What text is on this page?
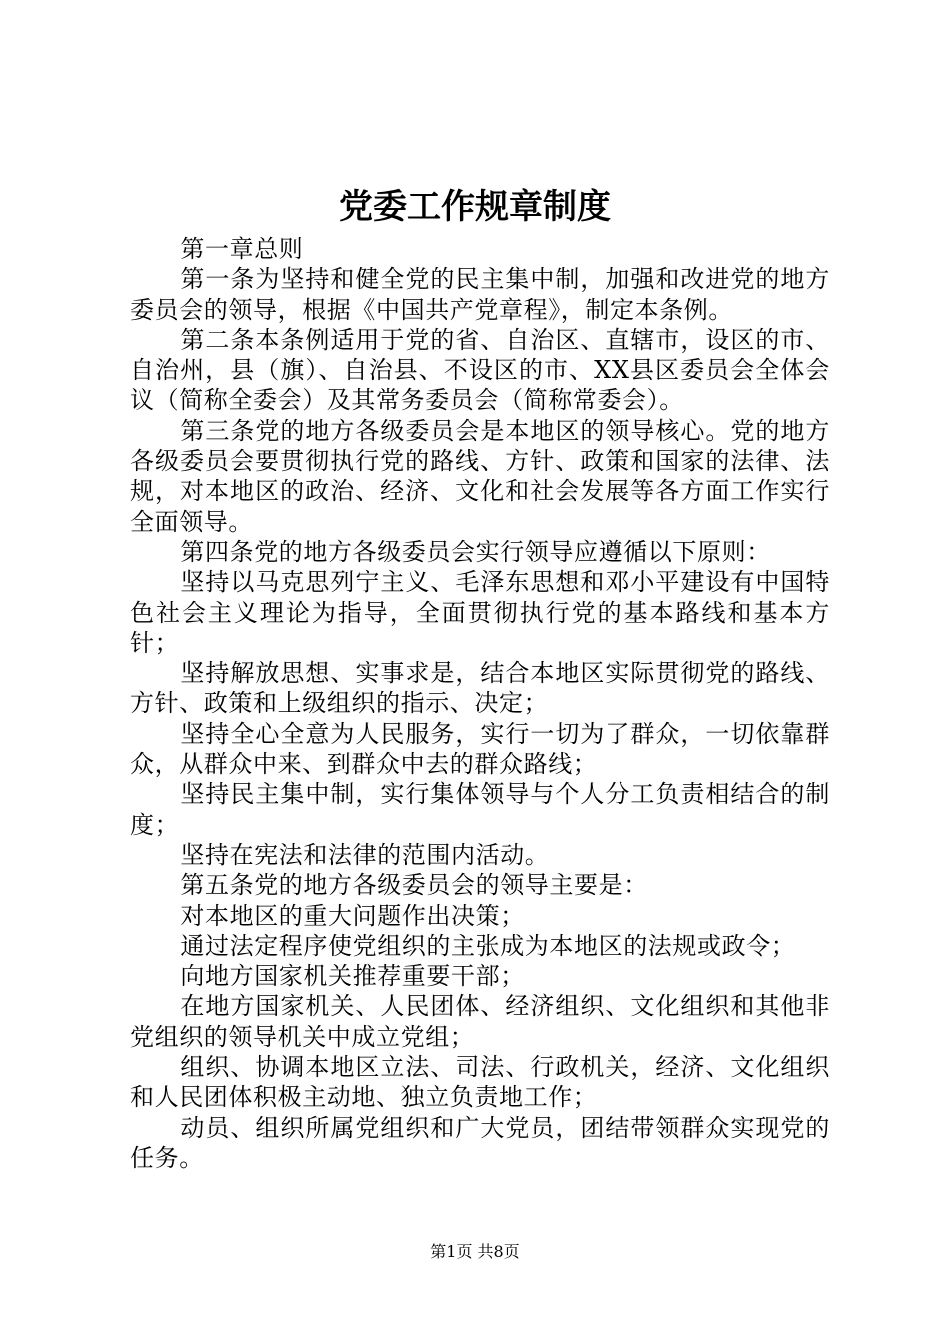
党委工作规章制度

第一章总则

第一条为坚持和健全党的民主集中制，加强和改进党的地方委员会的领导，根据《中国共产党章程》，制定本条例。

第二条本条例适用于党的省、自治区、直辖市，设区的市、自治州，县（旗）、自治县、不设区的市、XX县区委员会全体会议（简称全委会）及其常务委员会（简称常委会）。

第三条党的地方各级委员会是本地区的领导核心。党的地方各级委员会要贯彻执行党的路线、方针、政策和国家的法律、法规，对本地区的政治、经济、文化和社会发展等各方面工作实行全面领导。

第四条党的地方各级委员会实行领导应遵循以下原则：

坚持以马克思列宁主义、毛泽东思想和邓小平建设有中国特色社会主义理论为指导，全面贯彻执行党的基本路线和基本方针；

坚持解放思想、实事求是，结合本地区实际贯彻党的路线、方针、政策和上级组织的指示、决定；

坚持全心全意为人民服务，实行一切为了群众，一切依靠群众，从群众中来、到群众中去的群众路线；

坚持民主集中制，实行集体领导与个人分工负责相结合的制度；

坚持在宪法和法律的范围内活动。

第五条党的地方各级委员会的领导主要是：

对本地区的重大问题作出决策；

通过法定程序使党组织的主张成为本地区的法规或政令；

向地方国家机关推荐重要干部；

在地方国家机关、人民团体、经济组织、文化组织和其他非党组织的领导机关中成立党组；

组织、协调本地区立法、司法、行政机关，经济、文化组织和人民团体积极主动地、独立负责地工作；

动员、组织所属党组织和广大党员，团结带领群众实现党的任务。

第1页 共8页
